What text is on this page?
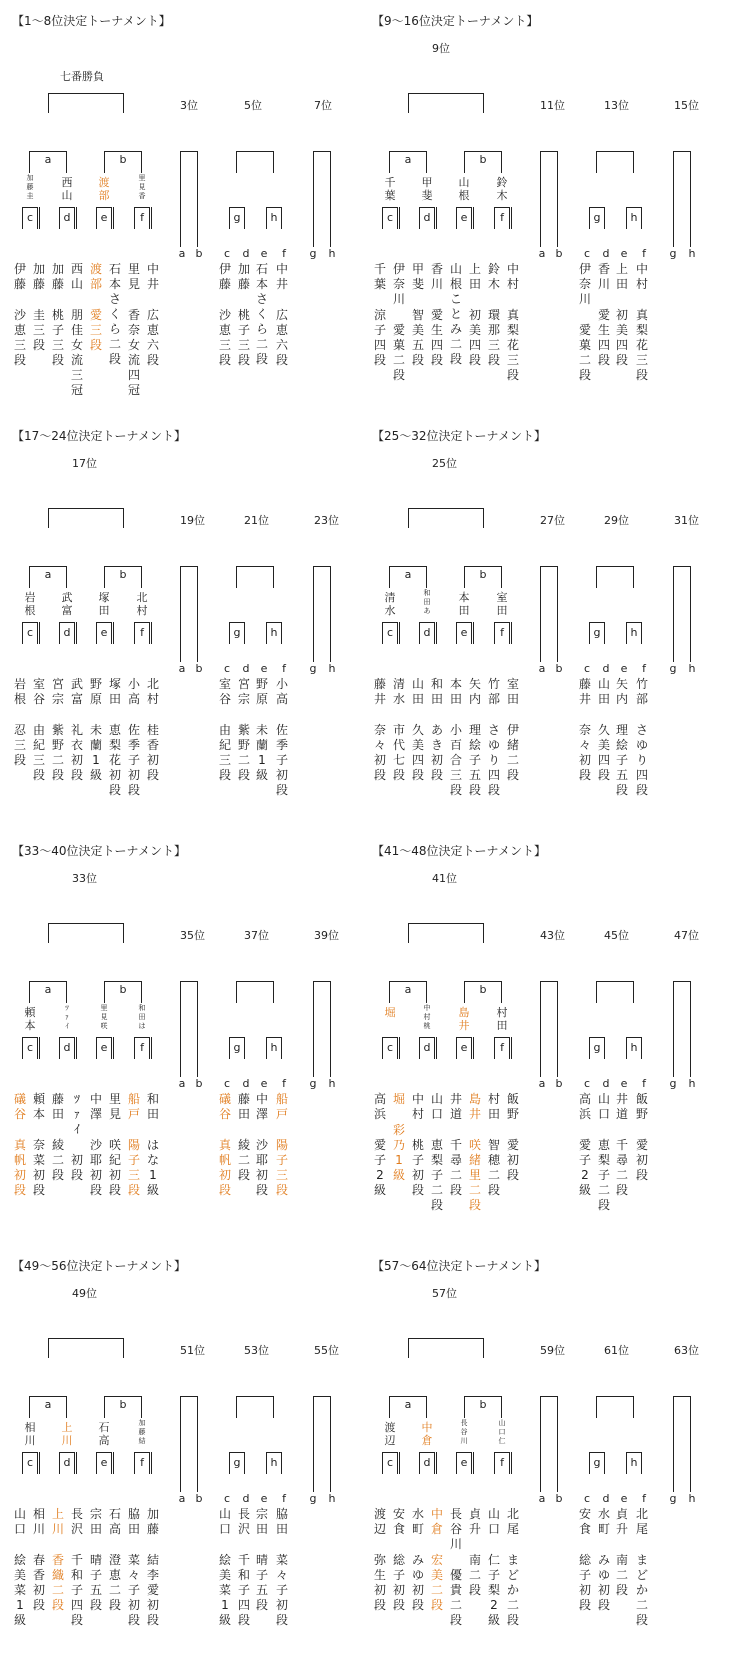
【1〜8位決定トーナメント】
七番勝負
a	b
加
藤
圭
西
山
渡
部
里
見
香
c	d	e	f
伊
藤
沙
恵
三
段
加
藤
圭
三
段
加
藤
桃
子
三
段
西
山
朋
佳
女
流
三
冠
渡
部
愛
三
段
石
本
さ
く
ら
二
段
里
見
香
奈
女
流
四
冠
中
井
広
恵
六
段
3位	5位	7位
g	h
a b	c	d	e	f	g	h
伊
藤
沙
恵
三
段
加
藤
桃
子
三
段
石
本
さ
く
ら
二
段
中
井
広
恵
六
段
【9〜16位決定トーナメント】
9位
a	b
千
葉
甲
斐
山
根
鈴
木
c	d	e	f
千
葉
涼
子
四
段
伊
奈
川
愛
菓
二
段
甲
斐
智
美
五
段
香
川
愛
生
四
段
山
根
こ
と
み
二
段
上
田
初
美
四
段
鈴
木
環
那
三
段
中
村
真
梨
花
三
段
11位	13位	15位
g	h
a b	c	d	e	f	g	h
伊
奈
川
愛
菓
二
段
香
川
愛
生
四
段
上
田
初
美
四
段
中
村
真
梨
花
三
段
【17〜24位決定トーナメント】
17位
a	b
岩
根
武
富
塚
田
北
村
c	d	e	f
岩
根
忍
三
段
室
谷
由
紀
三
段
宮
宗
紫
野
二
段
武
富
礼
衣
初
段
野
原
未
蘭
1
級
塚
田
恵
梨
花
初
段
小
高
佐
季
子
初
段
北
村
桂
香
初
段
19位	21位	23位
g	h
a b	c	d	e	f	g	h
室
谷
由
紀
三
段
宮
宗
紫
野
二
段
野
原
未
蘭
1
級
小
高
佐
季
子
初
段
【25〜32位決定トーナメント】
25位
a	b
清
水
和
田
あ
本
田
室
田
c	d	e	f
藤
井
奈
々
初
段
清
水
市
代
七
段
山
田
久
美
四
段
和
田
あ
き
初
段
本
田
小
百
合
三
段
矢
内
理
絵
子
五
段
竹
部
さ
ゆ
り
四
段
室
田
伊
緒
二
段
27位	29位	31位
g	h
a b	c	d	e	f	g	h
藤
井
奈
々
初
段
山
田
久
美
四
段
矢
内
理
絵
子
五
段
竹
部
さ
ゆ
り
四
段
【33〜40位決定トーナメント】
33位
a	b
頼
本
ﾂ
ｧ
ｲ
里
見
咲
和
田
は
c	d	e	f
礒
谷
真
帆
初
段
頼
本
奈
菜
初
段
藤
田
綾
二
段
ﾂ
ｧ
ｲ
初
段
中
澤
沙
耶
初
段
里
見
咲
紀
初
段
船
戸
陽
子
三
段
和
田
は
な
1
級
35位	37位	39位
g	h
a b	c	d	e	f	g	h
礒
谷
真
帆
初
段
藤
田
綾
二
段
中
澤
沙
耶
初
段
船
戸
陽
子
三
段
【41〜48位決定トーナメント】
41位
a	b
堀	中
村
桃
島
井
村
田
c	d	e	f
高
浜
愛
子
2
級
堀
彩
乃
1
級
中
村
桃
子
初
段
山
口
恵
梨
子
二
段
井
道
千
尋
二
段
島
井
咲
緒
里
二
段
村
田
智
穂
二
段
飯
野
愛
初
段
43位	45位	47位
g	h
a b	c	d	e	f	g	h
高
浜
愛
子
2
級
山
口
恵
梨
子
二
段
井
道
千
尋
二
段
飯
野
愛
初
段
【49〜56位決定トーナメント】
49位
a	b
相
川
上
川
石
高
加
藤
結
c	d	e	f
山
口
絵
美
菜
1
級
相
川
春
香
初
段
上
川
香
織
二
段
長
沢
千
和
子
四
段
宗
田
晴
子
五
段
石
高
澄
恵
二
段
脇
田
菜
々
子
初
段
加
藤
結
李
愛
初
段
51位	53位	55位
g	h
a b	c	d	e	f	g	h
山
口
絵
美
菜
1
級
長
沢
千
和
子
四
段
宗
田
晴
子
五
段
脇
田
菜
々
子
初
段
【57〜64位決定トーナメント】
57位
a	b
渡
辺
中
倉
長
谷
川
山
口
仁
c	d	e	f
渡
辺
弥
生
初
段
安
食
総
子
初
段
水
町
み
ゆ
初
段
中
倉
宏
美
二
段
長
谷
川
優
貴
二
段
貞
升
南
二
段
山
口
仁
子
梨
2
級
北
尾
ま
ど
か
二
段
59位	61位	63位
g	h
a b	c	d	e	f	g	h
安
食
総
子
初
段
水
町
み
ゆ
初
段
貞
升
南
二
段
北
尾
ま
ど
か
二
段
